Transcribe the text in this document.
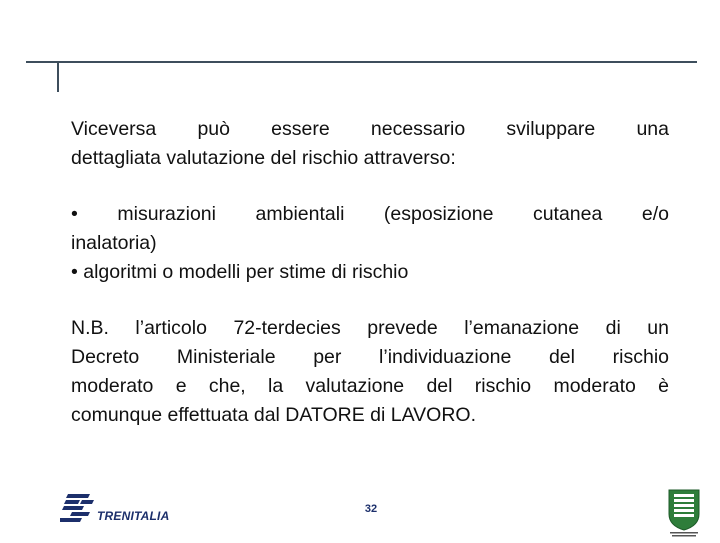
Viceversa può essere necessario sviluppare una
dettagliata valutazione del rischio attraverso:

• misurazioni ambientali (esposizione cutanea e/o
inalatoria)
• algoritmi o modelli per stime di rischio

N.B. l’articolo 72-terdecies prevede l’emanazione di un
Decreto Ministeriale per l’individuazione del rischio
moderato e che, la valutazione del rischio moderato è
comunque effettuata dal DATORE di LAVORO.

TRENITALIA	32
